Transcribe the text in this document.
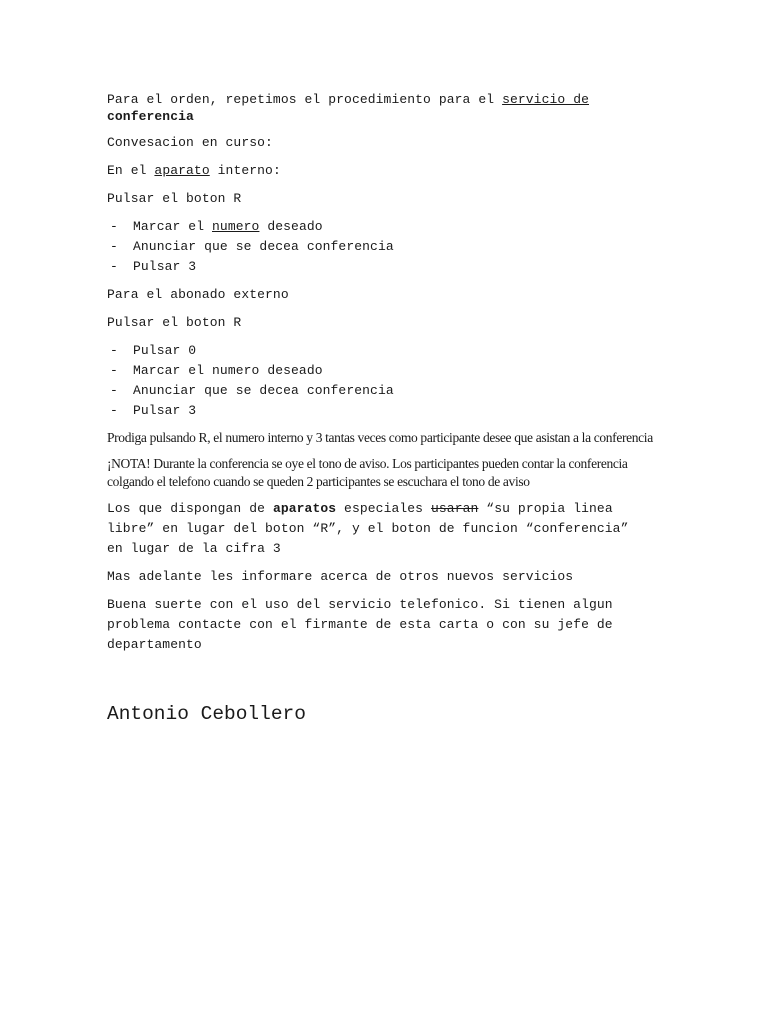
Para el orden, repetimos el procedimiento para el servicio de
conferencia

Convesacion en curso:

En el aparato interno:

Pulsar el boton R

- Marcar el numero deseado
- Anunciar que se decea conferencia
- Pulsar 3

Para el abonado externo

Pulsar el boton R

- Pulsar 0
- Marcar el numero deseado
- Anunciar que se decea conferencia
- Pulsar 3

Prodiga pulsando R, el numero interno y 3 tantas veces como participante desee que asistan a la conferencia

¡NOTA! Durante la conferencia se oye el tono de aviso. Los participantes pueden contar la conferencia colgando el telefono cuando se queden 2 participantes se escuchara el tono de aviso

Los que dispongan de aparatos especiales usaran “su propia linea libre” en lugar del boton “R”, y el boton de funcion “conferencia” en lugar de la cifra 3

Mas adelante les informare acerca de otros nuevos servicios

Buena suerte con el uso del servicio telefonico. Si tienen algun problema contacte con el firmante de esta carta o con su jefe de departamento

Antonio Cebollero
